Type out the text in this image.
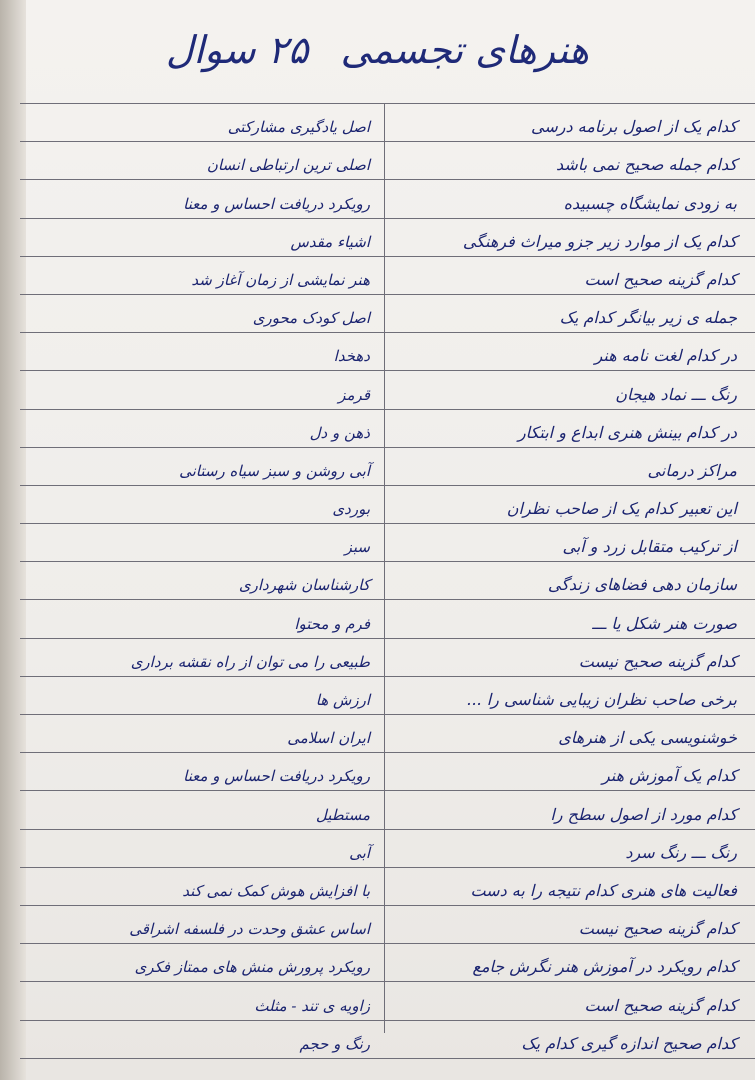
هنرهای تجسمی ۲۵ سوال
کدام یک از اصول برنامه درسی
اصل یادگیری مشارکتی
کدام جمله صحیح نمی باشد
اصلی ترین ارتباطی انسان
به زودی نمایشگاه چسبیده
رویکرد دریافت احساس و معنا
کدام یک از موارد زیر جزو میراث فرهنگی
اشیاء مقدس
کدام گزینه صحیح است
هنر نمایشی از زمان آغاز شد
جمله ی زیر بیانگر کدام یک
اصل کودک محوری
در کدام لغت نامه هنر
دهخدا
رنگ ـــ نماد هیجان
قرمز
در کدام بینش هنری ابداع و ابتکار
ذهن و دل
مراکز درمانی
آبی روشن و سبز سیاه رستانی
این تعبیر کدام یک از صاحب نظران
بوردی
از ترکیب متقابل زرد و آبی
سبز
سازمان دهی فضاهای زندگی
کارشناسان شهرداری
صورت هنر شکل یا ـــ
فرم و محتوا
کدام گزینه صحیح نیست
طبیعی را می توان از راه نقشه برداری
برخی صاحب نظران زیبایی شناسی را ...
ارزش ها
خوشنویسی یکی از هنرهای
ایران اسلامی
کدام یک آموزش هنر
رویکرد دریافت احساس و معنا
کدام مورد از اصول سطح را
مستطیل
رنگ ـــ رنگ سرد
آبی
فعالیت های هنری کدام نتیجه را به دست
با افزایش هوش کمک نمی کند
کدام گزینه صحیح نیست
اساس عشق وحدت در فلسفه اشراقی
کدام رویکرد در آموزش هنر نگرش جامع
رویکرد پرورش منش های ممتاز فکری
کدام گزینه صحیح است
زاویه ی تند - مثلث
کدام صحیح اندازه گیری کدام یک
رنگ و حجم
